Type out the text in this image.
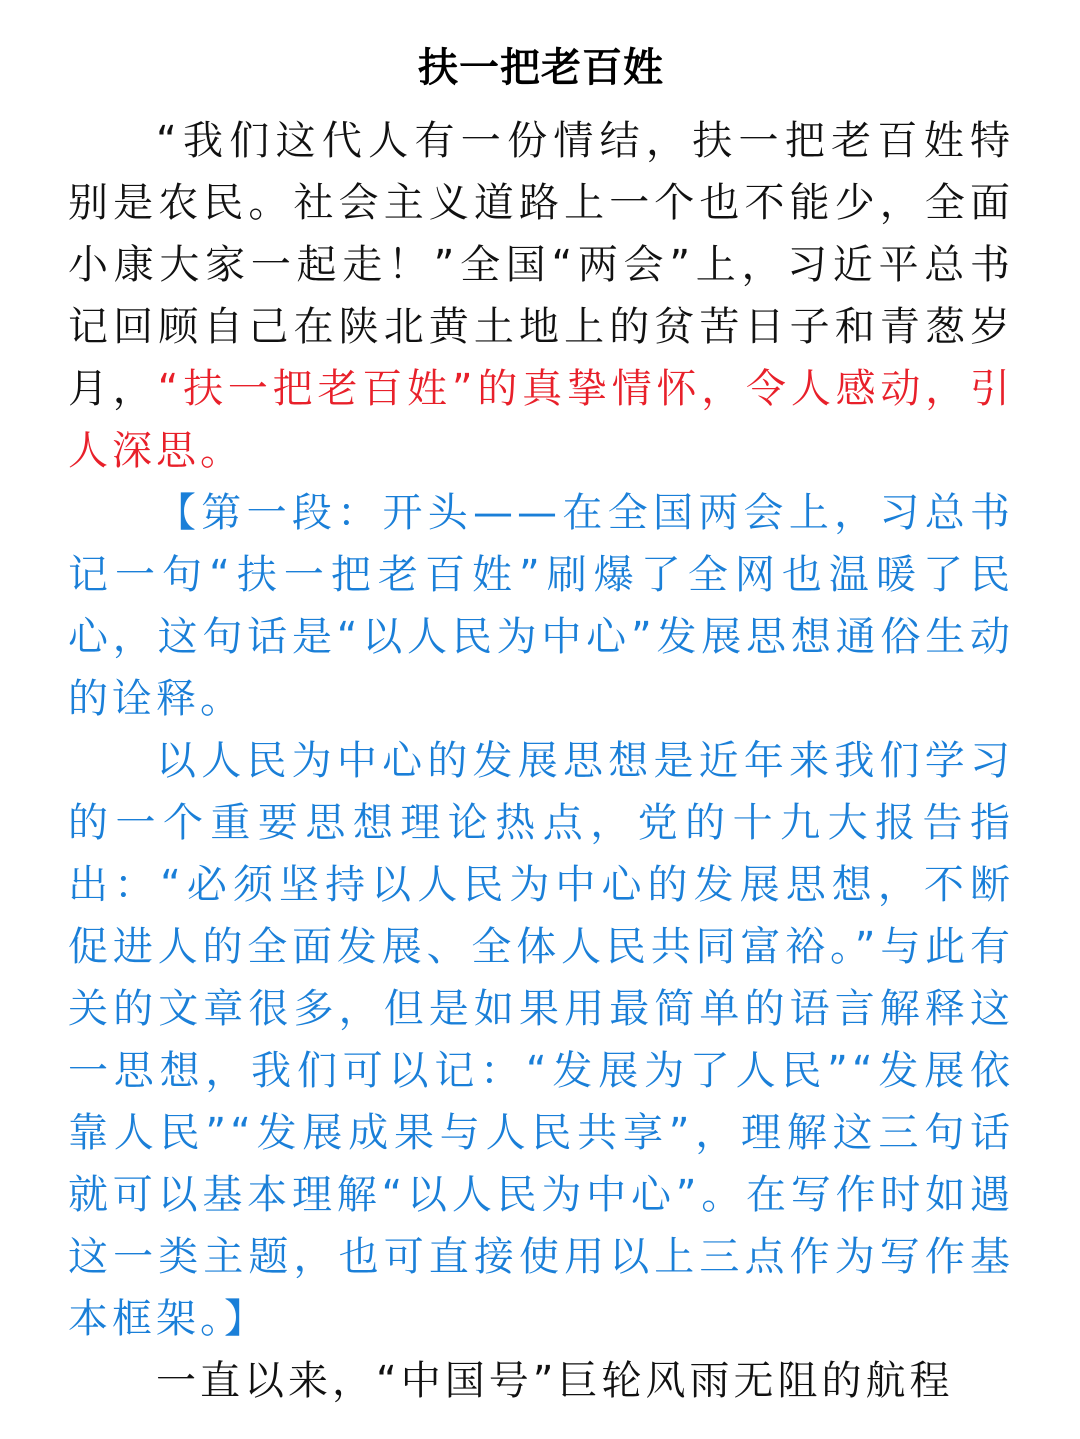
扶一把老百姓

“我们这代人有一份情结，扶一把老百姓特别是农民。社会主义道路上一个也不能少，全面小康大家一起走！”全国“两会”上，习近平总书记回顾自己在陕北黄土地上的贫苦日子和青葱岁月，“扶一把老百姓”的真挚情怀，令人感动，引人深思。

【第一段：开头——在全国两会上，习总书记一句“扶一把老百姓”刷爆了全网也温暖了民心，这句话是“以人民为中心”发展思想通俗生动的诠释。

以人民为中心的发展思想是近年来我们学习的一个重要思想理论热点，党的十九大报告指出：“必须坚持以人民为中心的发展思想，不断促进人的全面发展、全体人民共同富裕。”与此有关的文章很多，但是如果用最简单的语言解释这一思想，我们可以记：“发展为了人民”“发展依靠人民”“发展成果与人民共享”，理解这三句话就可以基本理解“以人民为中心”。在写作时如遇这一类主题，也可直接使用以上三点作为写作基本框架。】

一直以来，“中国号”巨轮风雨无阻的航程
